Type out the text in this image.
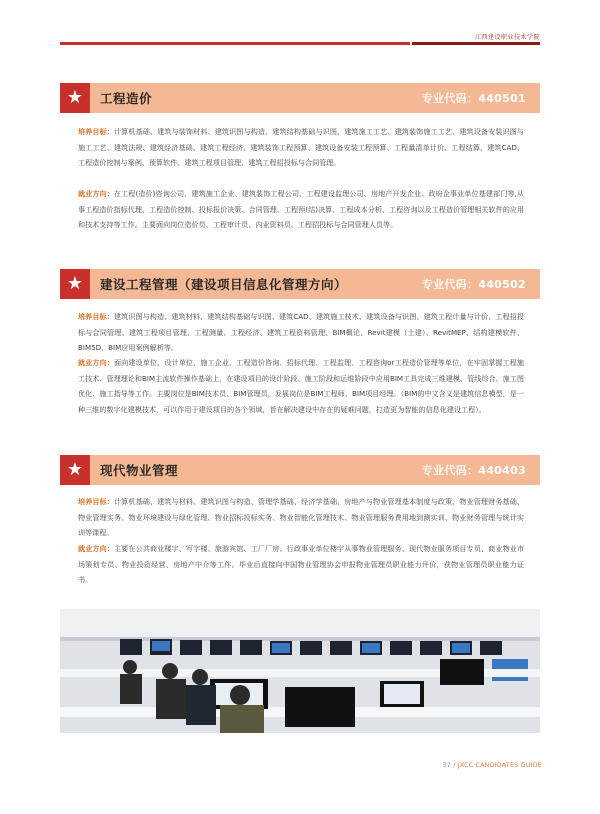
江西建设职业技术学院
★ 工程造价	专业代码：440501
培养目标：计算机基础、建筑与装饰材料、建筑识图与构造、建筑结构基础与识图、建筑施工工艺、建筑装饰施工工艺、建筑设备安装识图与施工工艺、建筑法规、建筑经济基础、建筑工程经济、建筑装饰工程预算、建筑设备安装工程预算、工程量清单计价、工程结算、建筑CAD、工程造价控制与案例、预算软件、建筑工程项目管理、建筑工程招投标与合同管理。
就业方向：在工程(造价)咨询公司、建筑施工企业、建筑装饰工程公司、工程建设监理公司、房地产开发企业、政府企事业单位基建部门等,从事工程造价指标代理、工程造价控制、投标报价决策、合同管理、工程预(结)决算、工程成本分析、工程咨询以及工程造价管理相关软件的应用和技术支持等工作。主要面向岗位造价员、工程审计员、内业资料员、工程招投标与合同管理人员等。
★ 建设工程管理（建设项目信息化管理方向）	专业代码：440502
培养目标：建筑识图与构造、建筑材料、建筑结构基础与识图、建筑CAD、建筑施工技术、建筑设备与识图、建筑工程计量与计价、工程招投标与合同管理、建筑工程项目管理、工程测量、工程经济、建筑工程资料管理、BIM概论、Revit建模（土建）、RevitMEP、结构建模软件、BIM5D、BIM应用案例解析等。
就业方向：面向建设单位、设计单位、施工企业、工程造价咨询、招标代理、工程监理、工程咨询or工程造价管理等单位，在牢固掌握工程施工技术、管理理论和BIM主流软件操作基础上，在建设项目的设计阶段、施工阶段和运维阶段中应用BIM工具完成三维建模、管线综合、施工图优化、施工指导等工作。主要岗位是BIM技术员、BIM管理员，发展岗位是BIM工程师、BIM项目经理。（BIM的中文含义是建筑信息模型，是一种三维的数字化建模技术，可以作用于建设项目的各个领域，旨在解决建设中存在的疑难问题，打造更为智能的信息化建设工程）。
★ 现代物业管理	专业代码：440403
培养目标：计算机基础、建筑与材料、建筑识图与构造、管理学基础、经济学基础、房地产与物业管理基本制度与政策、物业管理财务基础、物业管理实务、物业环境建设与绿化管理、物业招标投标实务、物业智能化管理技术、物业管理服务费用地到测实训、物业财务管理与统计实训等课程。
就业方向：主要在公共商业楼宇、写字楼、旅游宾馆、工厂厂房、行政事业单位楼宇从事物业管理服务、现代物业服务项目专员、商业物业市场策划专员、物业投资经营、房地产中介等工作。毕业后直接向中国物业管理协会申报物业管理员职业能力评价，获物业管理员职业能力证书。
37 / JXCC CANDIDATES GUIDE
